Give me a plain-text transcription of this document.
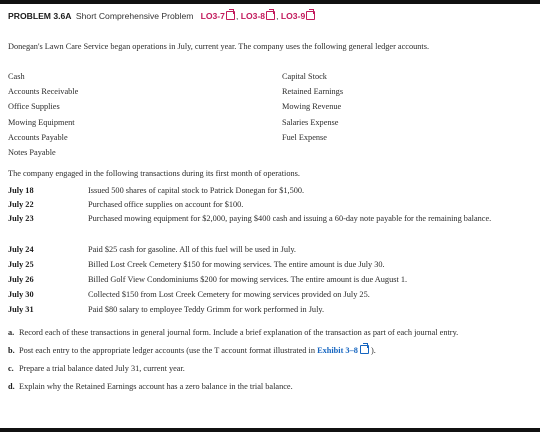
PROBLEM 3.6A Short Comprehensive Problem LO3-7 , LO3-8 , LO3-9
Donegan's Lawn Care Service began operations in July, current year. The company uses the following general ledger accounts.
Cash
Accounts Receivable
Office Supplies
Mowing Equipment
Accounts Payable
Notes Payable
Capital Stock
Retained Earnings
Mowing Revenue
Salaries Expense
Fuel Expense
The company engaged in the following transactions during its first month of operations.
July 18	Issued 500 shares of capital stock to Patrick Donegan for $1,500.
July 22	Purchased office supplies on account for $100.
July 23	Purchased mowing equipment for $2,000, paying $400 cash and issuing a 60-day note payable for the remaining balance.
July 24	Paid $25 cash for gasoline. All of this fuel will be used in July.
July 25	Billed Lost Creek Cemetery $150 for mowing services. The entire amount is due July 30.
July 26	Billed Golf View Condominiums $200 for mowing services. The entire amount is due August 1.
July 30	Collected $150 from Lost Creek Cemetery for mowing services provided on July 25.
July 31	Paid $80 salary to employee Teddy Grimm for work performed in July.
a. Record each of these transactions in general journal form. Include a brief explanation of the transaction as part of each journal entry.
b. Post each entry to the appropriate ledger accounts (use the T account format illustrated in Exhibit 3–8 ).
c. Prepare a trial balance dated July 31, current year.
d. Explain why the Retained Earnings account has a zero balance in the trial balance.
